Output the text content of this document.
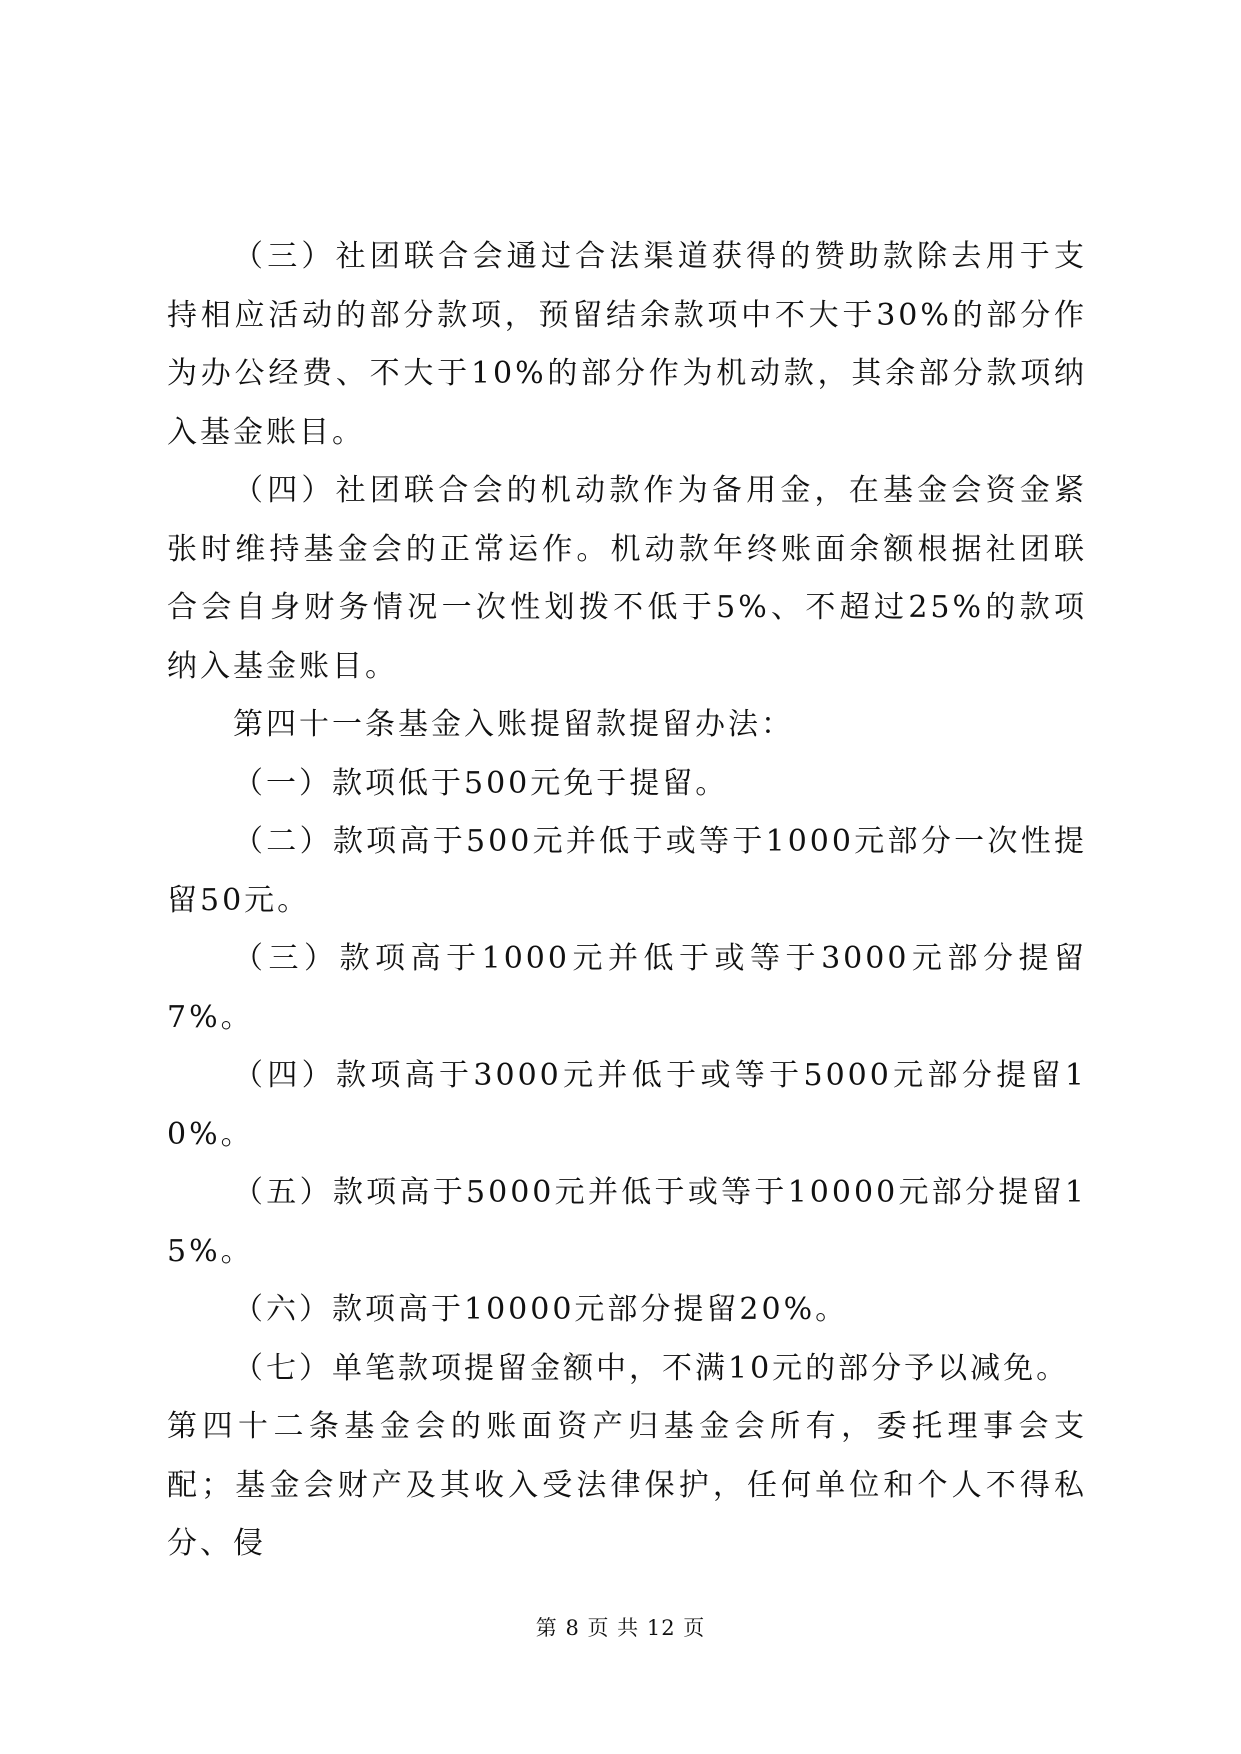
（三）社团联合会通过合法渠道获得的赞助款除去用于支持相应活动的部分款项，预留结余款项中不大于30%的部分作为办公经费、不大于10%的部分作为机动款，其余部分款项纳入基金账目。

（四）社团联合会的机动款作为备用金，在基金会资金紧张时维持基金会的正常运作。机动款年终账面余额根据社团联合会自身财务情况一次性划拨不低于5%、不超过25%的款项纳入基金账目。

第四十一条基金入账提留款提留办法：

（一）款项低于500元免于提留。

（二）款项高于500元并低于或等于1000元部分一次性提留50元。

（三）款项高于1000元并低于或等于3000元部分提留7%。

（四）款项高于3000元并低于或等于5000元部分提留10%。

（五）款项高于5000元并低于或等于10000元部分提留15%。

（六）款项高于10000元部分提留20%。

（七）单笔款项提留金额中，不满10元的部分予以减免。

第四十二条基金会的账面资产归基金会所有，委托理事会支配；基金会财产及其收入受法律保护，任何单位和个人不得私分、侵

第 8 页 共 12 页
